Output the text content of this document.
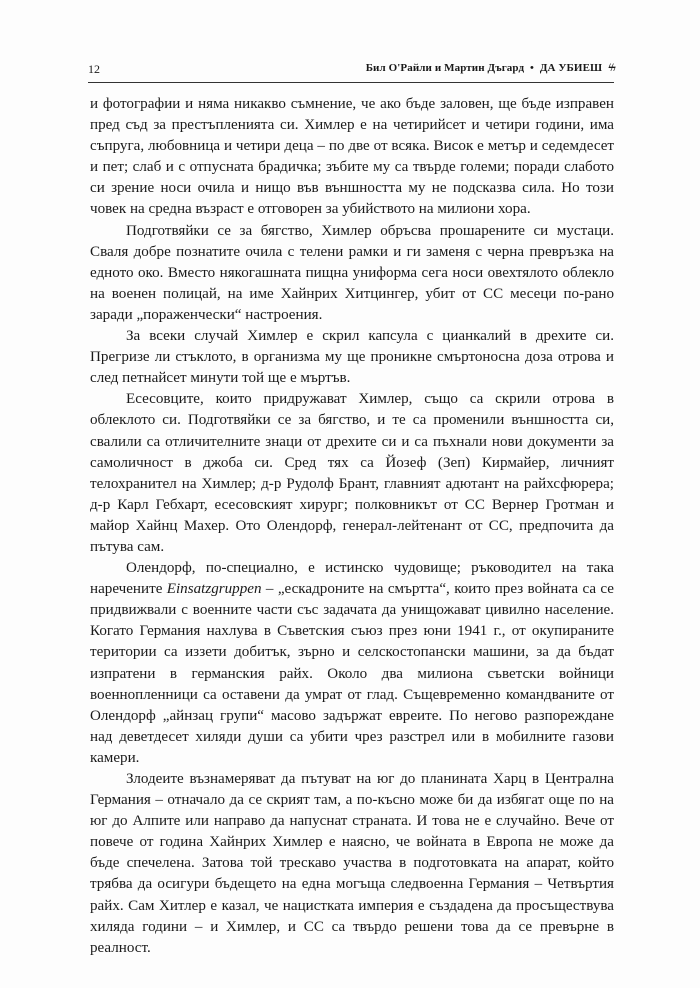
12	Бил О'Райли и Мартин Дъгард • ДА УБИЕШ ϟϟ

и фотографии и няма никакво съмнение, че ако бъде заловен, ще бъде изправен пред съд за престъпленията си. Химлер е на четирийсет и четири години, има съпруга, любовница и четири деца – по две от всяка. Висок е метър и седемдесет и пет; слаб и с отпусната брадичка; зъбите му са твърде големи; поради слабото си зрение носи очила и нищо във външността му не подсказва сила. Но този човек на средна възраст е отговорен за убийството на милиони хора.

Подготвяйки се за бягство, Химлер обръсва прошарените си мустаци. Сваля добре познатите очила с телени рамки и ги заменя с черна превръзка на едното око. Вместо някогашната пищна униформа сега носи овехтялото облекло на военен полицай, на име Хайнрих Хитцингер, убит от СС месеци по-рано заради „пораженчески“ настроения.

За всеки случай Химлер е скрил капсула с цианкалий в дрехите си. Прегризе ли стъклото, в организма му ще проникне смъртоносна доза отрова и след петнайсет минути той ще е мъртъв.

Есесовците, които придружават Химлер, също са скрили отрова в облеклото си. Подготвяйки се за бягство, и те са променили външността си, свалили са отличителните знаци от дрехите си и са пъхнали нови документи за самоличност в джоба си. Сред тях са Йозеф (Зеп) Кирмайер, личният телохранител на Химлер; д-р Рудолф Брант, главният адютант на райхсфюрера; д-р Карл Гебхарт, есесовският хирург; полковникът от СС Вернер Гротман и майор Хайнц Махер. Ото Олендорф, генерал-лейтенант от СС, предпочита да пътува сам.

Олендорф, по-специално, е истинско чудовище; ръководител на така наречените Einsatzgruppen – „ескадроните на смъртта“, които през войната са се придвижвали с военните части със задачата да унищожават цивилно население. Когато Германия нахлува в Съветския съюз през юни 1941 г., от окупираните територии са иззети добитък, зърно и селскостопански машини, за да бъдат изпратени в германския райх. Около два милиона съветски войници военнопленници са оставени да умрат от глад. Същевременно командваните от Олендорф „айнзац групи“ масово задържат евреите. По негово разпореждане над деветдесет хиляди души са убити чрез разстрел или в мобилните газови камери.

Злодеите възнамеряват да пътуват на юг до планината Харц в Централна Германия – отначало да се скрият там, а по-късно може би да избягат още по на юг до Алпите или направо да напуснат страната. И това не е случайно. Вече от повече от година Хайнрих Химлер е наясно, че войната в Европа не може да бъде спечелена. Затова той трескаво участва в подготовката на апарат, който трябва да осигури бъдещето на една могъща следвоенна Германия – Четвъртия райх. Сам Хитлер е казал, че нацистката империя е създадена да просъществува хиляда години – и Химлер, и СС са твърдо решени това да се превърне в реалност.
